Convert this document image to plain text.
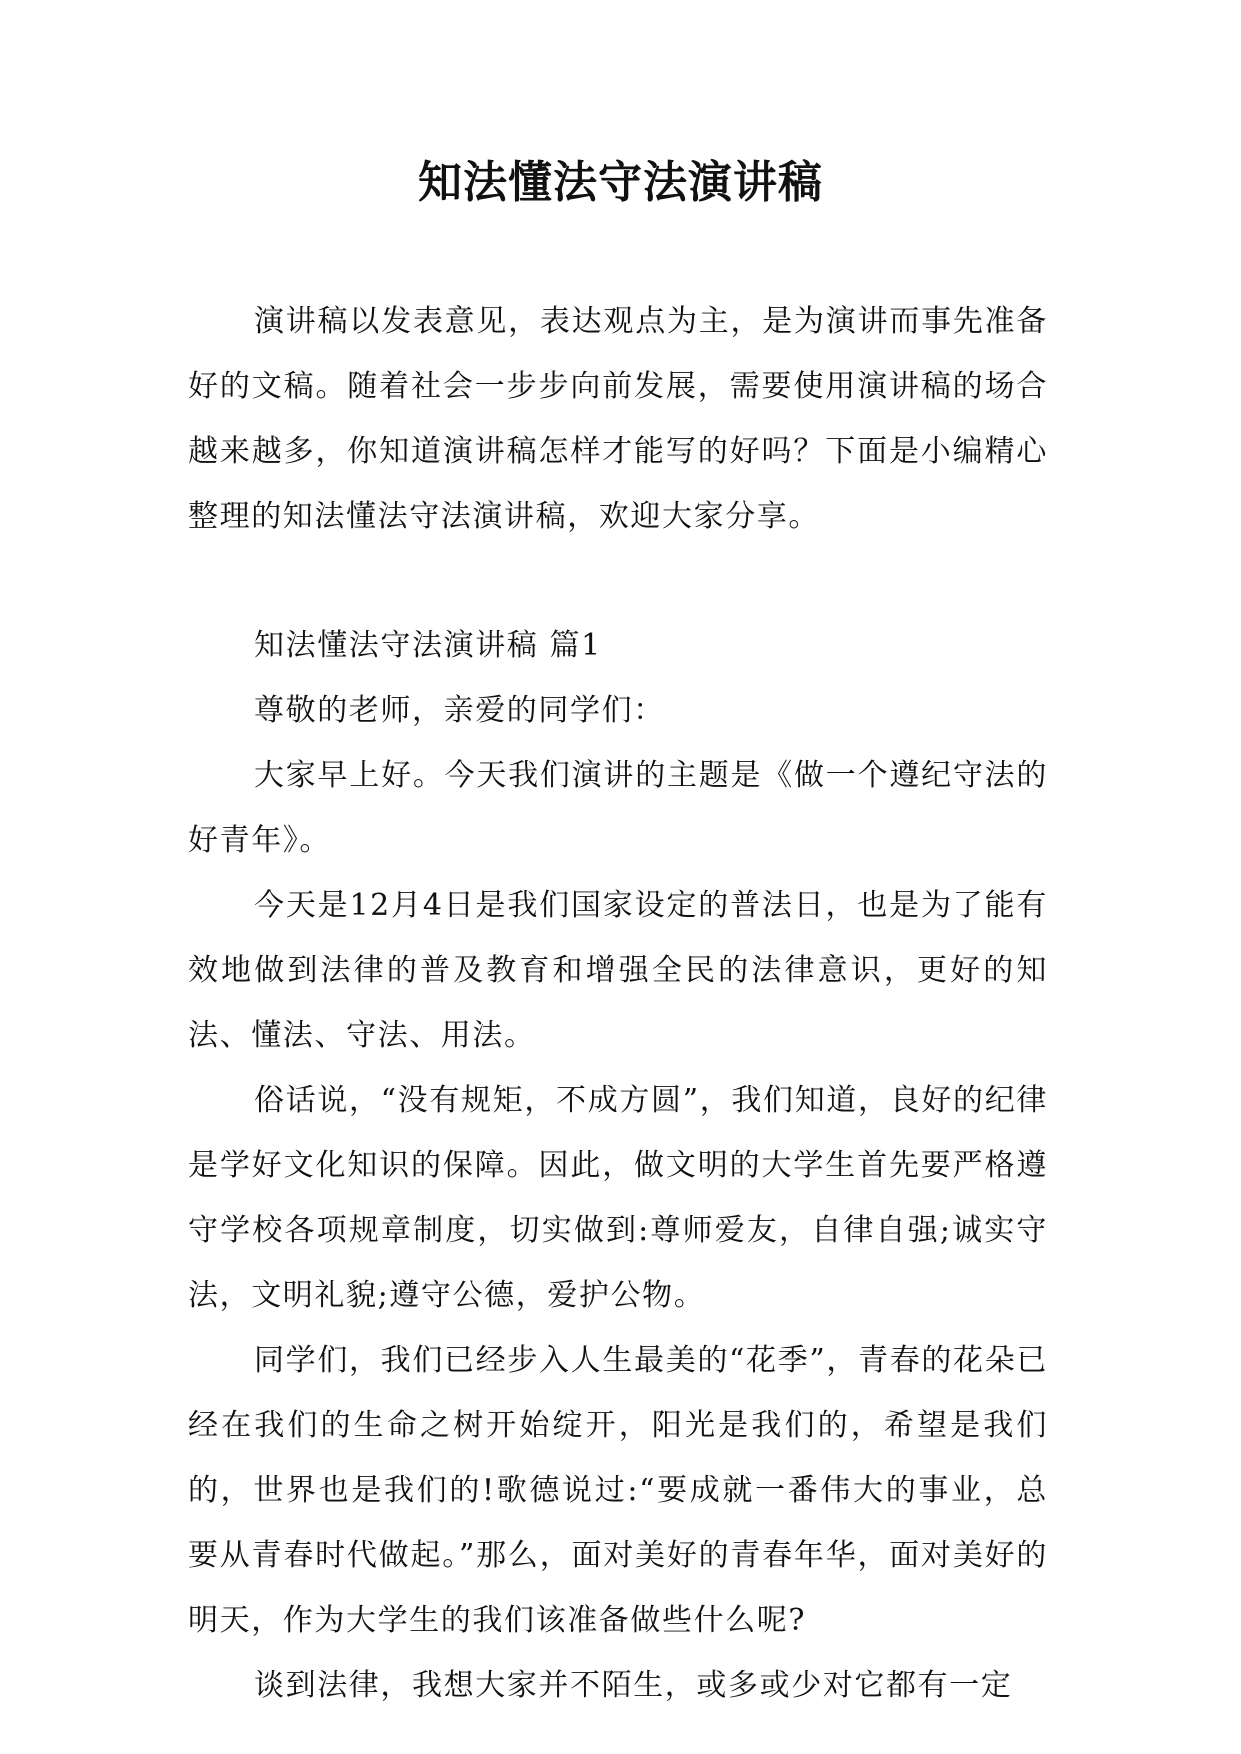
知法懂法守法演讲稿

演讲稿以发表意见，表达观点为主，是为演讲而事先准备好的文稿。随着社会一步步向前发展，需要使用演讲稿的场合越来越多，你知道演讲稿怎样才能写的好吗？下面是小编精心整理的知法懂法守法演讲稿，欢迎大家分享。

知法懂法守法演讲稿 篇1

尊敬的老师，亲爱的同学们：

大家早上好。今天我们演讲的主题是《做一个遵纪守法的好青年》。

今天是12月4日是我们国家设定的普法日，也是为了能有效地做到法律的普及教育和增强全民的法律意识，更好的知法、懂法、守法、用法。

俗话说，“没有规矩，不成方圆”，我们知道，良好的纪律是学好文化知识的保障。因此，做文明的大学生首先要严格遵守学校各项规章制度，切实做到:尊师爱友，自律自强;诚实守法，文明礼貌;遵守公德，爱护公物。

同学们，我们已经步入人生最美的“花季”，青春的花朵已经在我们的生命之树开始绽开，阳光是我们的，希望是我们的，世界也是我们的!歌德说过:“要成就一番伟大的事业，总要从青春时代做起。”那么，面对美好的青春年华，面对美好的明天，作为大学生的我们该准备做些什么呢?

谈到法律，我想大家并不陌生，或多或少对它都有一定
